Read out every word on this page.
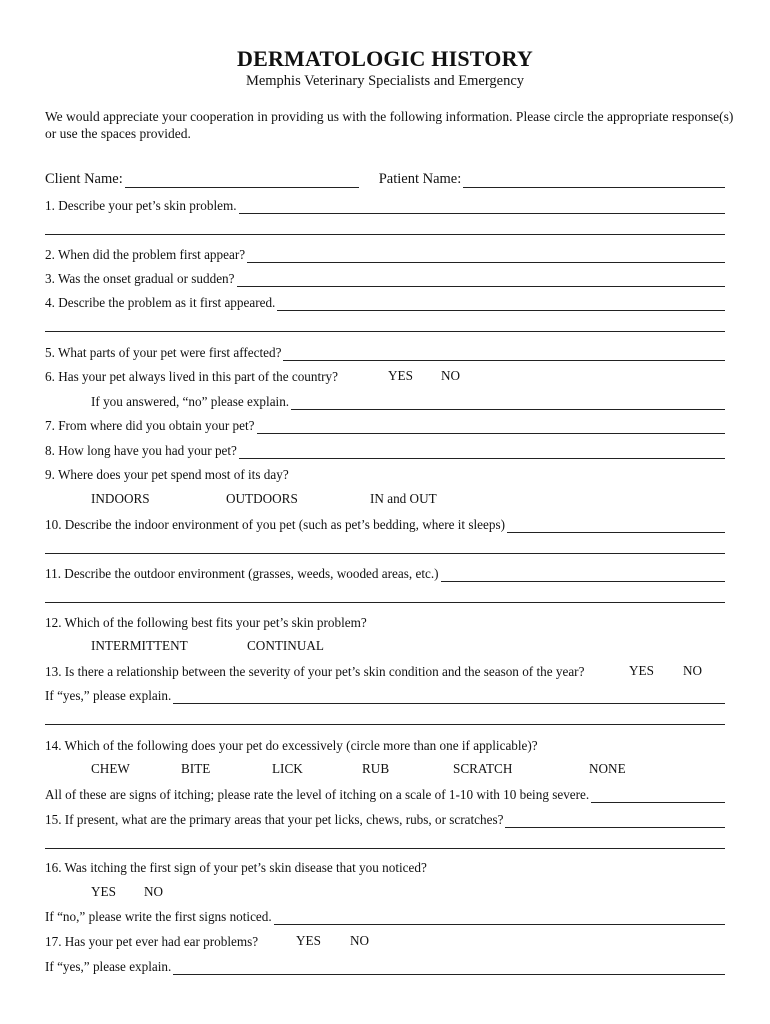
DERMATOLOGIC HISTORY
Memphis Veterinary Specialists and Emergency
We would appreciate your cooperation in providing us with the following information. Please circle the appropriate response(s) or use the spaces provided.
Client Name:	Patient Name:
1. Describe your pet’s skin problem.
2. When did the problem first appear?
3. Was the onset gradual or sudden?
4. Describe the problem as it first appeared.
5. What parts of your pet were first affected?
6. Has your pet always lived in this part of the country?	YES NO
If you answered, “no” please explain.
7. From where did you obtain your pet?
8. How long have you had your pet?
9. Where does your pet spend most of its day?
INDOORS	OUTDOORS	IN and OUT
10. Describe the indoor environment of you pet (such as pet’s bedding, where it sleeps)
11. Describe the outdoor environment (grasses, weeds, wooded areas, etc.)
12. Which of the following best fits your pet’s skin problem?
INTERMITTENT	CONTINUAL
13. Is there a relationship between the severity of your pet’s skin condition and the season of the year?	YES NO
If “yes,” please explain.
14. Which of the following does your pet do excessively (circle more than one if applicable)?
CHEW	BITE	LICK	RUB	SCRATCH	NONE
All of these are signs of itching; please rate the level of itching on a scale of 1-10 with 10 being severe.
15. If present, what are the primary areas that your pet licks, chews, rubs, or scratches?
16. Was itching the first sign of your pet’s skin disease that you noticed?
YES NO
If “no,” please write the first signs noticed.
17. Has your pet ever had ear problems?	YES NO
If “yes,” please explain.
